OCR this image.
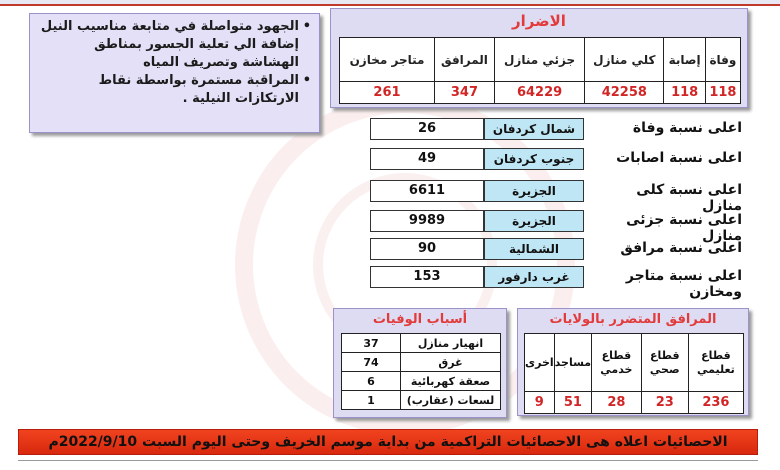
• الجهود متواصلة في متابعة مناسيب النيل إضافة الي تعلية الجسور بمناطق الهشاشة وتصريف المياه
• المراقبة مستمرة بواسطة نقاط الارتكازات النيلية .
الاضرار
وفاة	إصابة	كلي منازل	جزئي منازل	المرافق	متاجر مخازن
118	118	42258	64229	347	261
اعلى نسبة وفاة
شمال كردفان
26
اعلى نسبة اصابات
جنوب كردفان
49
اعلى نسبة كلى منازل
الجزيرة
6611
اعلى نسبة جزئى منازل
الجزيرة
9989
اعلى نسبة مرافق
الشمالية
90
اعلى نسبة متاجر ومخازن
غرب دارفور
153
أسباب الوفيات
انهيار منازل	37
غرق	74
صعقة كهربائية	6
لسعات (عقارب)	1
المرافق المتضرر بالولايات
قطاع تعليمي	قطاع صحي	قطاع خدمي	مساجد	اخرى
236	23	28	51	9
الاحصائيات اعلاه هى الاحصائيات التراكمية من بداية موسم الخريف وحتى اليوم السبت 2022/9/10م
